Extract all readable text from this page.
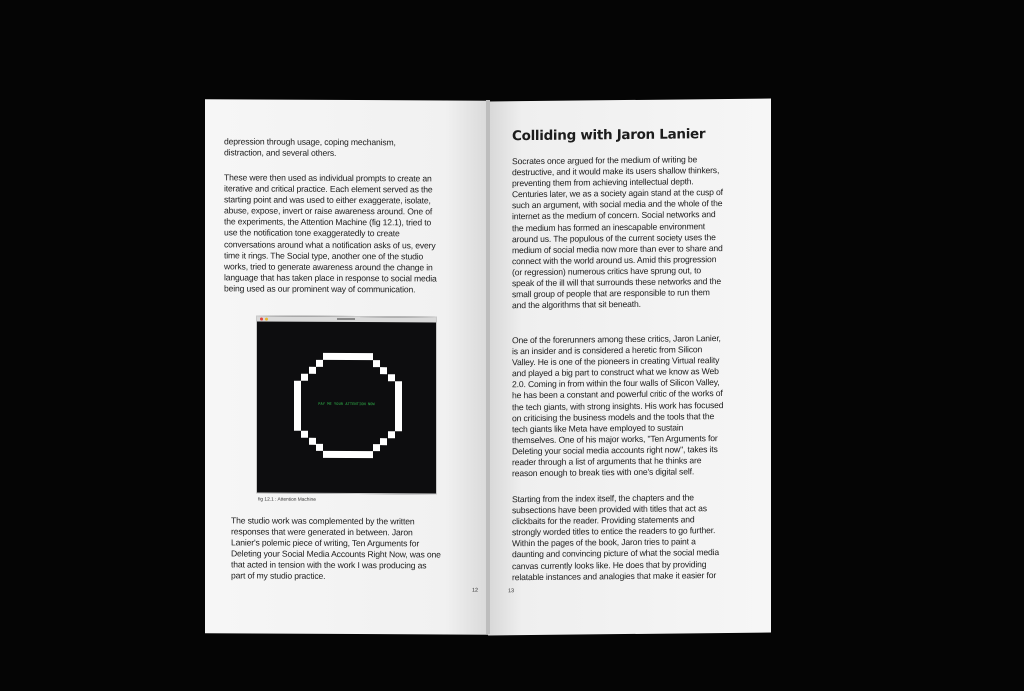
depression through usage, coping mechanism,
distraction, and several others.

These were then used as individual prompts to create an
iterative and critical practice. Each element served as the
starting point and was used to either exaggerate, isolate,
abuse, expose, invert or raise awareness around. One of
the experiments, the Attention Machine (fig 12.1), tried to
use the notification tone exaggeratedly to create
conversations around what a notification asks of us, every
time it rings. The Social type, another one of the studio
works, tried to generate awareness around the change in
language that has taken place in response to social media
being used as our prominent way of communication.

PAY ME YOUR ATTENTION NOW
fig 12.1 : Attention Machine

The studio work was complemented by the written
responses that were generated in between. Jaron
Lanier's polemic piece of writing, Ten Arguments for
Deleting your Social Media Accounts Right Now, was one
that acted in tension with the work I was producing as
part of my studio practice.

12
Colliding with Jaron Lanier

Socrates once argued for the medium of writing be
destructive, and it would make its users shallow thinkers,
preventing them from achieving intellectual depth.
Centuries later, we as a society again stand at the cusp of
such an argument, with social media and the whole of the
internet as the medium of concern. Social networks and
the medium has formed an inescapable environment
around us. The populous of the current society uses the
medium of social media now more than ever to share and
connect with the world around us. Amid this progression
(or regression) numerous critics have sprung out, to
speak of the ill will that surrounds these networks and the
small group of people that are responsible to run them
and the algorithms that sit beneath.

One of the forerunners among these critics, Jaron Lanier,
is an insider and is considered a heretic from Silicon
Valley. He is one of the pioneers in creating Virtual reality
and played a big part to construct what we know as Web
2.0. Coming in from within the four walls of Silicon Valley,
he has been a constant and powerful critic of the works of
the tech giants, with strong insights. His work has focused
on criticising the business models and the tools that the
tech giants like Meta have employed to sustain
themselves. One of his major works, "Ten Arguments for
Deleting your social media accounts right now", takes its
reader through a list of arguments that he thinks are
reason enough to break ties with one's digital self.

Starting from the index itself, the chapters and the
subsections have been provided with titles that act as
clickbaits for the reader. Providing statements and
strongly worded titles to entice the readers to go further.
Within the pages of the book, Jaron tries to paint a
daunting and convincing picture of what the social media
canvas currently looks like. He does that by providing
relatable instances and analogies that make it easier for

13
